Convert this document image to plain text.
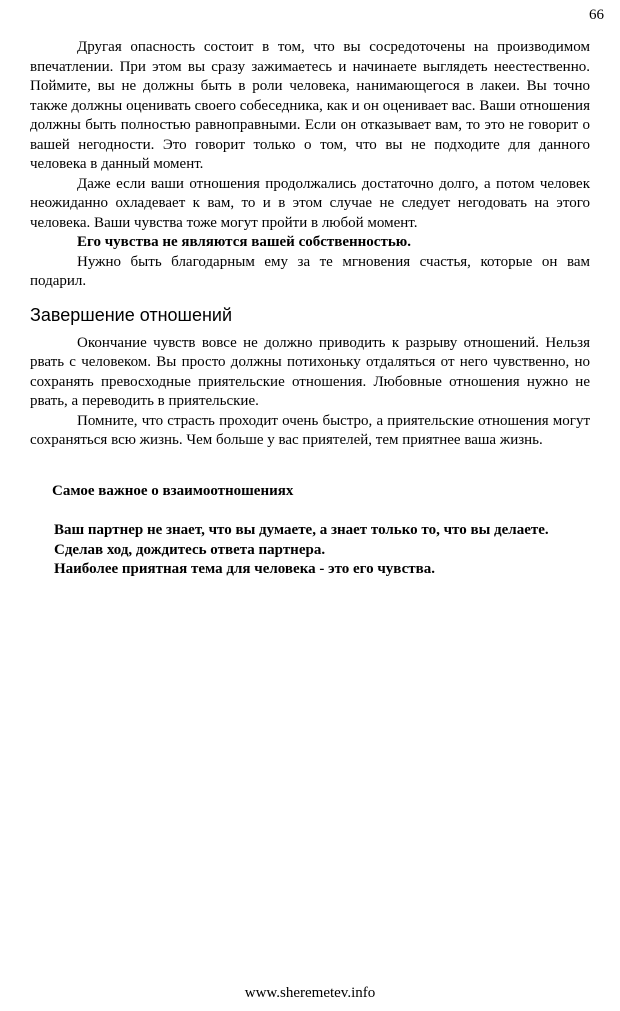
66

Другая опасность состоит в том, что вы сосредоточены на производимом впечатлении. При этом вы сразу зажимаетесь и начинаете выглядеть неестественно. Поймите, вы не должны быть в роли человека, нанимающегося в лакеи. Вы точно также должны оценивать своего собеседника, как и он оценивает вас. Ваши отношения должны быть полностью равноправными. Если он отказывает вам, то это не говорит о вашей негодности. Это говорит только о том, что вы не подходите для данного человека в данный момент.

Даже если ваши отношения продолжались достаточно долго, а потом человек неожиданно охладевает к вам, то и в этом случае не следует негодовать на этого человека. Ваши чувства тоже могут пройти в любой момент.

Его чувства не являются вашей собственностью.

Нужно быть благодарным ему за те мгновения счастья, которые он вам подарил.

Завершение отношений

Окончание чувств вовсе не должно приводить к разрыву отношений. Нельзя рвать с человеком. Вы просто должны потихоньку отдаляться от него чувственно, но сохранять превосходные приятельские отношения. Любовные отношения нужно не рвать, а переводить в приятельские.

Помните, что страсть проходит очень быстро, а приятельские отношения могут сохраняться всю жизнь. Чем больше у вас приятелей, тем приятнее ваша жизнь.

Самое важное о взаимоотношениях

Ваш партнер не знает, что вы думаете, а знает только то, что вы делаете.

Сделав ход, дождитесь ответа партнера.

Наиболее приятная тема для человека - это его чувства.

www.sheremetev.info
